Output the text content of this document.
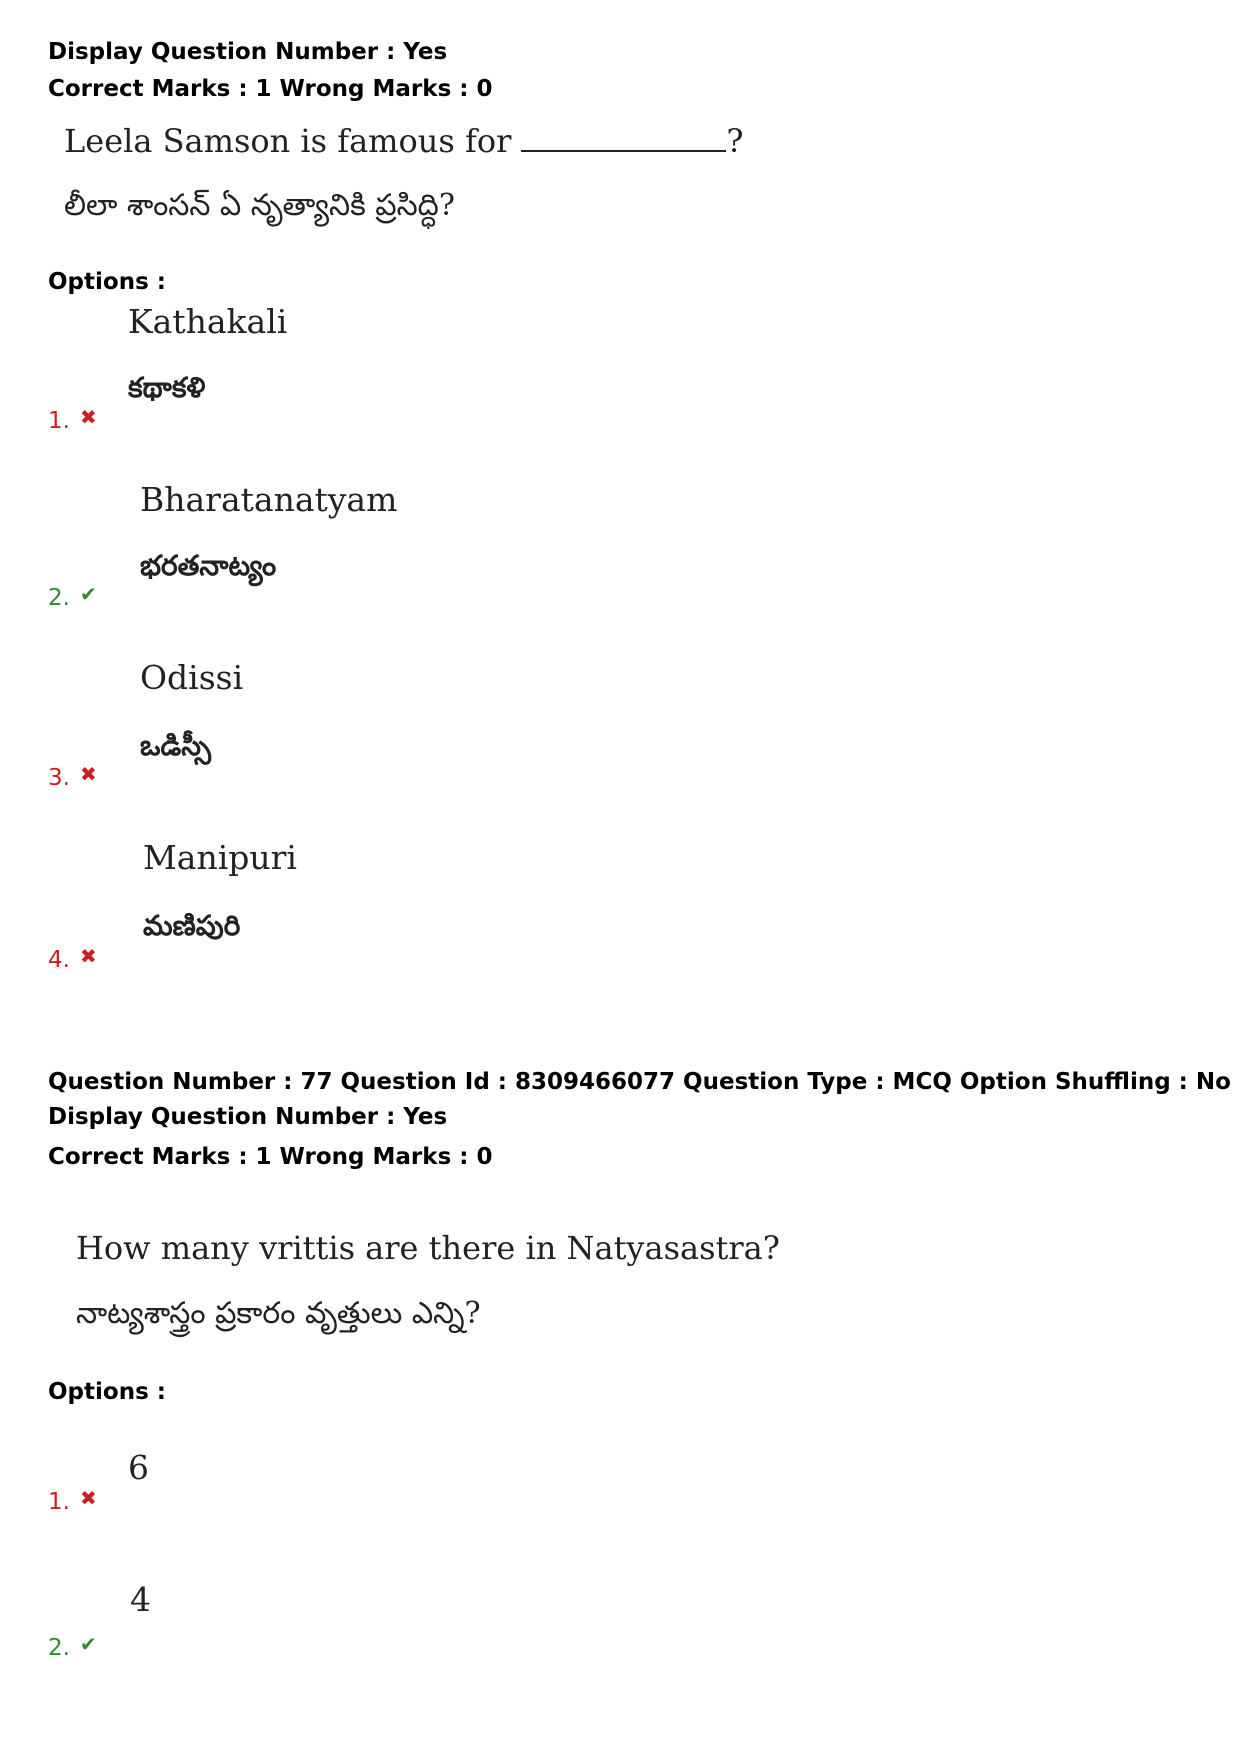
Display Question Number : Yes

Correct Marks : 1 Wrong Marks : 0

Leela Samson is famous for	?

లీలా శాంసన్ ఏ నృత్యానికి ప్రసిద్ధి?

Options :

Kathakali

కథాకళి

1. ✖

Bharatanatyam

భరతనాట్యం

2. ✔

Odissi

ఒడిస్సీ

3. ✖

Manipuri

మణిపురి

4. ✖

Question Number : 77 Question Id : 8309466077 Question Type : MCQ Option Shuffling : No

Display Question Number : Yes

Correct Marks : 1 Wrong Marks : 0

How many vrittis are there in Natyasastra?

నాట్యశాస్త్రం ప్రకారం వృత్తులు ఎన్ని?

Options :

6

1. ✖

4

2. ✔
